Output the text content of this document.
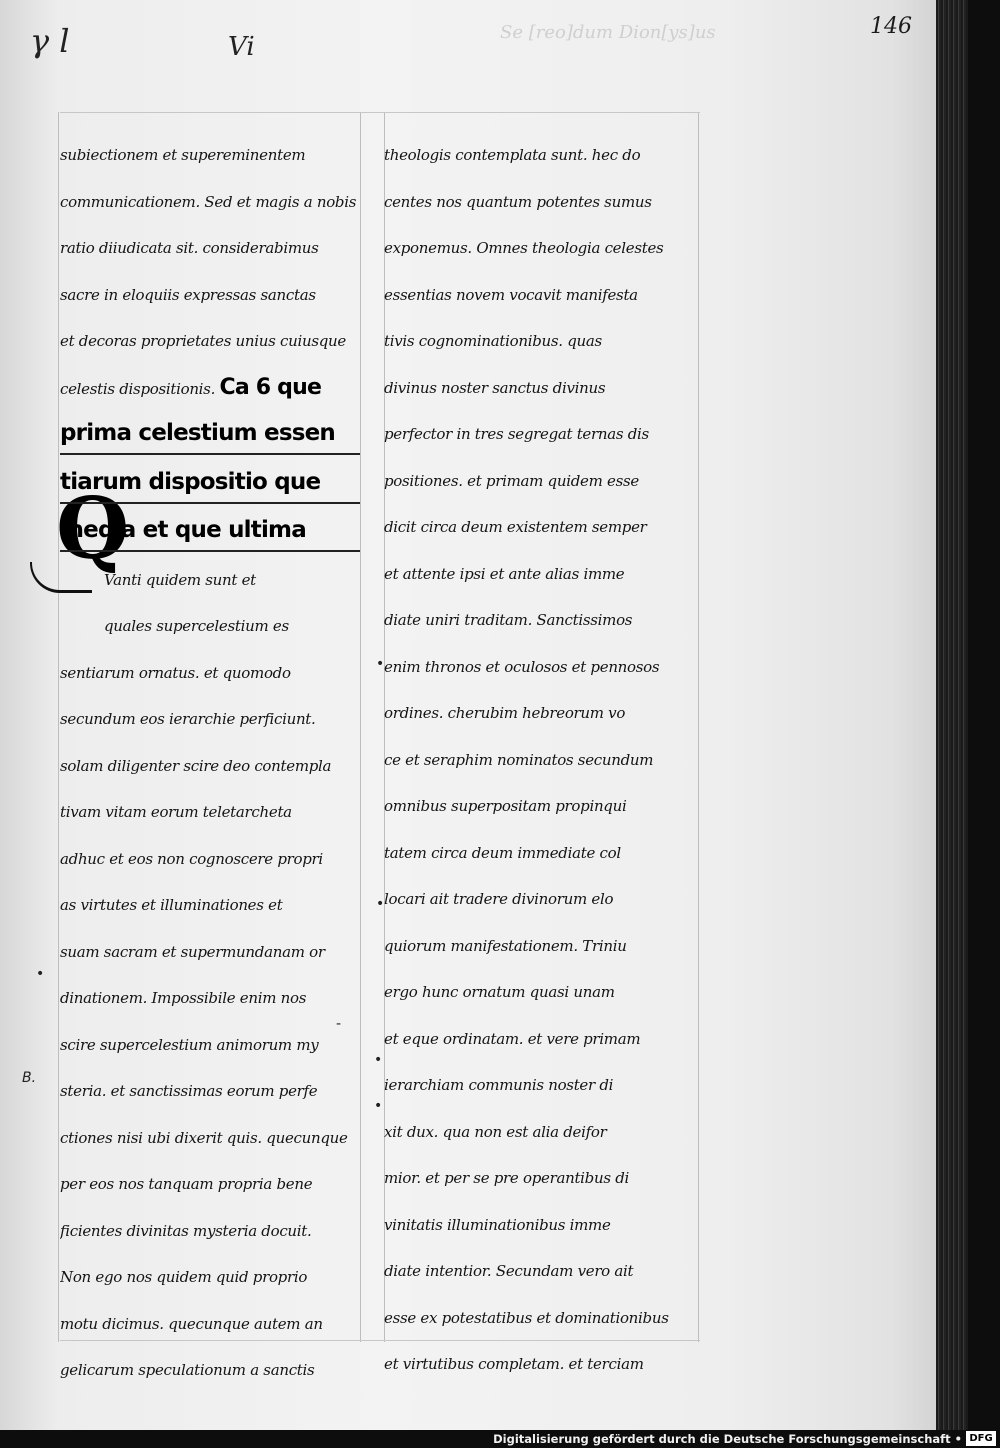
146
γ l	Vi	Se [reo]dum Dion[ys]us
Q
subiectionem et supereminentem
communicationem. Sed et magis a nobis
ratio diiudicata sit. considerabimus
sacre in eloquiis expressas sanctas
et decoras proprietates unius cuiusque
celestis dispositionis. Ca 6 que
prima celestium essen
tiarum dispositio que
media et que ultima
Vanti quidem sunt et
quales supercelestium es
sentiarum ornatus. et quomodo
secundum eos ierarchie perficiunt.
solam diligenter scire deo contempla
tivam vitam eorum teletarcheta
adhuc et eos non cognoscere propri
as virtutes et illuminationes et
suam sacram et supermundanam or
dinationem. Impossibile enim nos
scire supercelestium animorum my
steria. et sanctissimas eorum perfe
ctiones nisi ubi dixerit quis. quecunque
per eos nos tanquam propria bene
ficientes divinitas mysteria docuit.
Non ego nos quidem quid proprio
motu dicimus. quecunque autem an
gelicarum speculationum a sanctis
theologis contemplata sunt. hec do
centes nos quantum potentes sumus
exponemus. Omnes theologia celestes
essentias novem vocavit manifesta
tivis cognominationibus. quas
divinus noster sanctus divinus
perfector in tres segregat ternas dis
positiones. et primam quidem esse
dicit circa deum existentem semper
et attente ipsi et ante alias imme
diate uniri traditam. Sanctissimos
enim thronos et oculosos et pennosos
ordines. cherubim hebreorum vo
ce et seraphim nominatos secundum
omnibus superpositam propinqui
tatem circa deum immediate col
locari ait tradere divinorum elo
quiorum manifestationem. Triniu
ergo hunc ornatum quasi unam
et eque ordinatam. et vere primam
ierarchiam communis noster di
xit dux. qua non est alia deifor
mior. et per se pre operantibus di
vinitatis illuminationibus imme
diate intentior. Secundam vero ait
esse ex potestatibus et dominationibus
et virtutibus completam. et terciam
•
-
B.
•
•
•
•
Digitalisierung gefördert durch die Deutsche Forschungsgemeinschaft • DFG
